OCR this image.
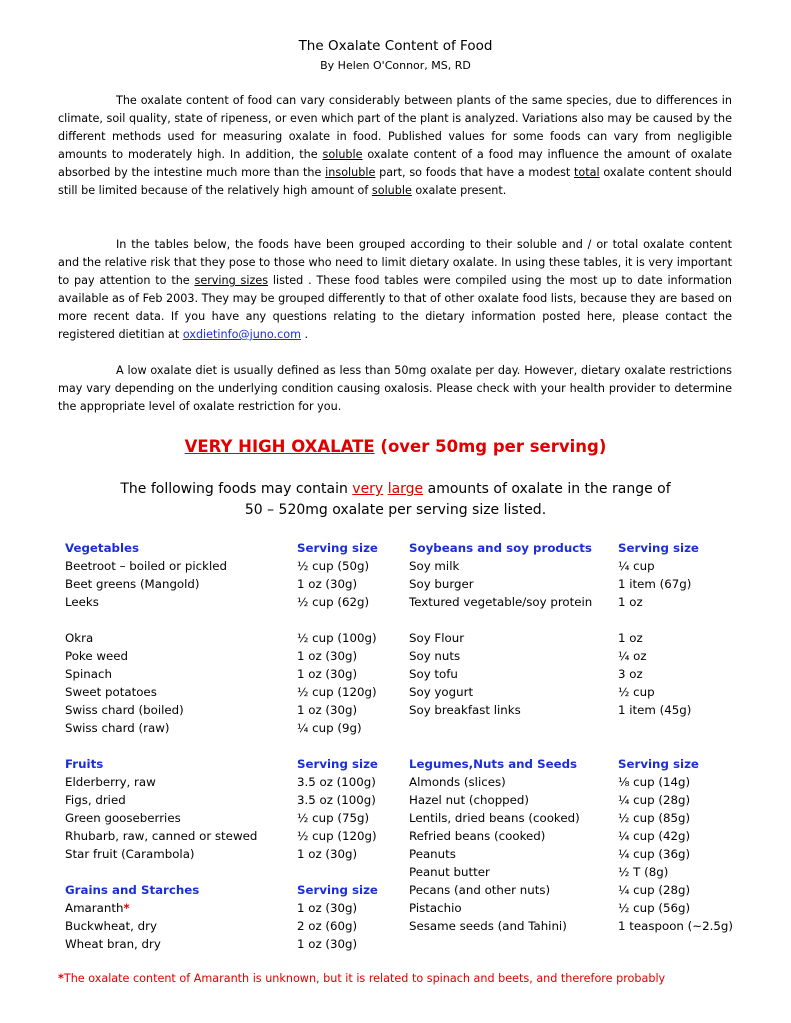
The Oxalate Content of Food
By Helen O'Connor, MS, RD
The oxalate content of food can vary considerably between plants of the same species, due to differences in climate, soil quality, state of ripeness, or even which part of the plant is analyzed. Variations also may be caused by the different methods used for measuring oxalate in food. Published values for some foods can vary from negligible amounts to moderately high. In addition, the soluble oxalate content of a food may influence the amount of oxalate absorbed by the intestine much more than the insoluble part, so foods that have a modest total oxalate content should still be limited because of the relatively high amount of soluble oxalate present.
In the tables below, the foods have been grouped according to their soluble and / or total oxalate content and the relative risk that they pose to those who need to limit dietary oxalate. In using these tables, it is very important to pay attention to the serving sizes listed . These food tables were compiled using the most up to date information available as of Feb 2003. They may be grouped differently to that of other oxalate food lists, because they are based on more recent data. If you have any questions relating to the dietary information posted here, please contact the registered dietitian at oxdietinfo@juno.com .
A low oxalate diet is usually defined as less than 50mg oxalate per day. However, dietary oxalate restrictions may vary depending on the underlying condition causing oxalosis. Please check with your health provider to determine the appropriate level of oxalate restriction for you.
VERY HIGH OXALATE (over 50mg per serving)
The following foods may contain very large amounts of oxalate in the range of
50 – 520mg oxalate per serving size listed.
Vegetables
Beetroot – boiled or pickled
Beet greens (Mangold)
Leeks

Okra
Poke weed
Spinach
Sweet potatoes
Swiss chard (boiled)
Swiss chard (raw)

Fruits
Elderberry, raw
Figs, dried
Green gooseberries
Rhubarb, raw, canned or stewed
Star fruit (Carambola)

Grains and Starches
Amaranth*
Buckwheat, dry
Wheat bran, dry
Serving size
½ cup (50g)
1 oz (30g)
½ cup (62g)

½ cup (100g)
1 oz (30g)
1 oz (30g)
½ cup (120g)
1 oz (30g)
¼ cup (9g)

Serving size
3.5 oz (100g)
3.5 oz (100g)
½ cup (75g)
½ cup (120g)
1 oz (30g)

Serving size
1 oz (30g)
2 oz (60g)
1 oz (30g)
Soybeans and soy products
Soy milk
Soy burger
Textured vegetable/soy protein

Soy Flour
Soy nuts
Soy tofu
Soy yogurt
Soy breakfast links

Legumes,Nuts and Seeds
Almonds (slices)
Hazel nut (chopped)
Lentils, dried beans (cooked)
Refried beans (cooked)
Peanuts
Peanut butter
Pecans (and other nuts)
Pistachio
Sesame seeds (and Tahini)
Serving size
¼ cup
1 item (67g)
1 oz

1 oz
¼ oz
3 oz
½ cup
1 item (45g)

Serving size
⅛ cup (14g)
¼ cup (28g)
½ cup (85g)
¼ cup (42g)
¼ cup (36g)
½ T (8g)
¼ cup (28g)
½ cup (56g)
1 teaspoon (~2.5g)
*The oxalate content of Amaranth is unknown, but it is related to spinach and beets, and therefore probably
